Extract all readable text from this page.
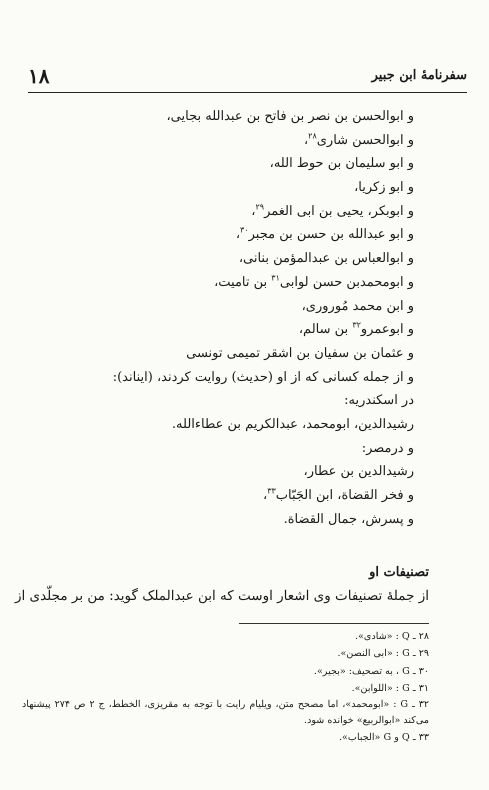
سفرنامهٔ ابن جبیر
۱۸
و ابوالحسن بن نصر بن فاتح بن عبدالله بجایی،
و ابوالحسن شاری$^{۲۸}$،
و ابو سلیمان بن حوط الله،
و ابو زکریا،
و ابوبکر، یحیی بن ابی الغمر$^{۲۹}$،
و ابو عبدالله بن حسن بن مجبر$^{۳۰}$،
و ابوالعباس بن عبدالمؤمن بنانی،
و ابومحمدبن حسن لوابی$^{۳۱}$ بن تامیت،
و ابن محمد مُوروری،
و ابوعمرو$^{۳۲}$ بن سالم،
و عثمان بن سفیان بن اشقر تمیمی تونسی
و از جمله کسانی که از او (حدیث) روایت کردند، (ایناند):
در اسکندریه:
رشیدالدین، ابومحمد، عبدالکریم بن عطاءالله.
و درمصر:
رشیدالدین بن عطار،
و فخر القضاة، ابن الجَبّاب$^{۳۳}$،
و پسرش، جمال القضاة.
تصنیفات او
از جملهٔ تصنیفات وی اشعار اوست که ابن عبدالملک گوید: من بر مجلّدی از
۲۸ ـ Q : «شادی».
۲۹ ـ G : «ابی النصن».
۳۰ ـ G ، به تصحیف: «بجیر».
۳۱ ـ G : «اللوابن».
۳۲ ـ G : «ابومحمد»، اما مصحح متن، ویلیام رایت با توجه به مقریزی، الخطط، ج ۲ ص ۲۷۴ پیشنهاد می‌کند «ابوالربیع» خوانده شود.
۳۳ ـ Q و G «الجباب».
